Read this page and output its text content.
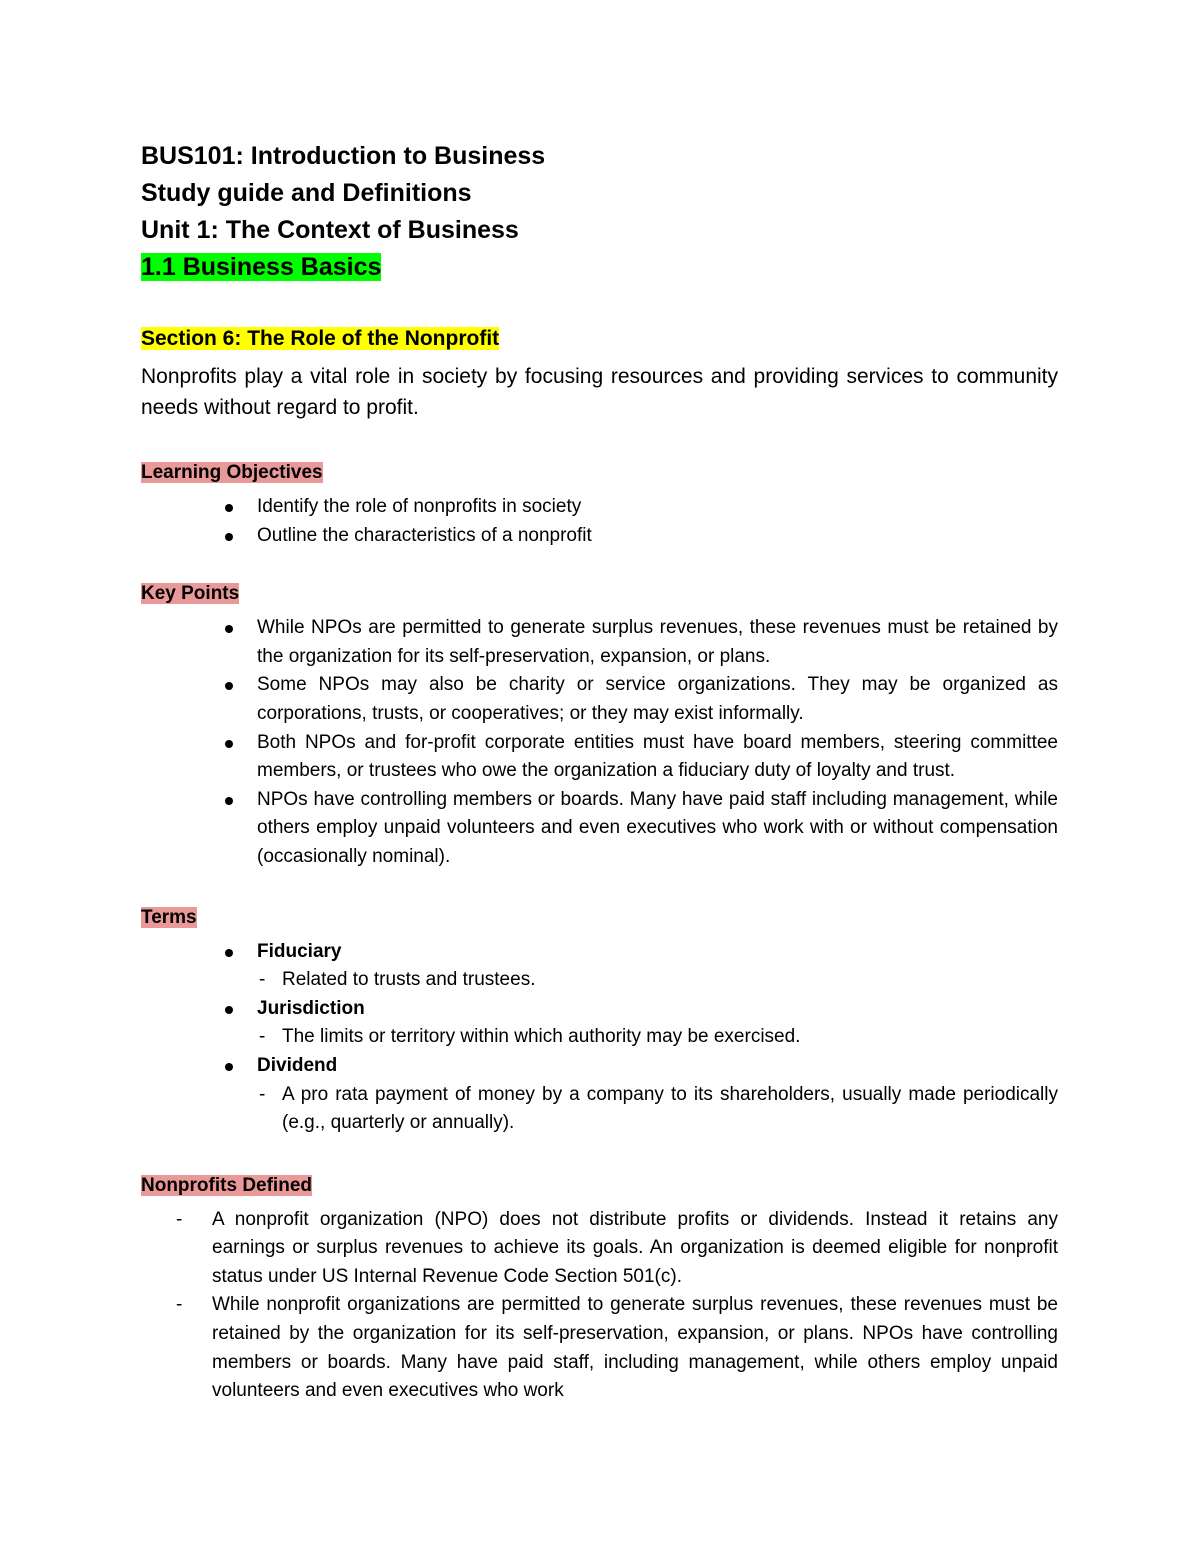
BUS101: Introduction to Business

Study guide and Definitions

Unit 1: The Context of Business

1.1 Business Basics

Section 6: The Role of the Nonprofit

Nonprofits play a vital role in society by focusing resources and providing services to community needs without regard to profit.

Learning Objectives

Identify the role of nonprofits in society
Outline the characteristics of a nonprofit

Key Points

While NPOs are permitted to generate surplus revenues, these revenues must be retained by the organization for its self-preservation, expansion, or plans.
Some NPOs may also be charity or service organizations. They may be organized as corporations, trusts, or cooperatives; or they may exist informally.
Both NPOs and for-profit corporate entities must have board members, steering committee members, or trustees who owe the organization a fiduciary duty of loyalty and trust.
NPOs have controlling members or boards. Many have paid staff including management, while others employ unpaid volunteers and even executives who work with or without compensation (occasionally nominal).

Terms

Fiduciary
- Related to trusts and trustees.
Jurisdiction
- The limits or territory within which authority may be exercised.
Dividend
- A pro rata payment of money by a company to its shareholders, usually made periodically (e.g., quarterly or annually).

Nonprofits Defined

- A nonprofit organization (NPO) does not distribute profits or dividends. Instead it retains any earnings or surplus revenues to achieve its goals. An organization is deemed eligible for nonprofit status under US Internal Revenue Code Section 501(c).
- While nonprofit organizations are permitted to generate surplus revenues, these revenues must be retained by the organization for its self-preservation, expansion, or plans. NPOs have controlling members or boards. Many have paid staff, including management, while others employ unpaid volunteers and even executives who work
